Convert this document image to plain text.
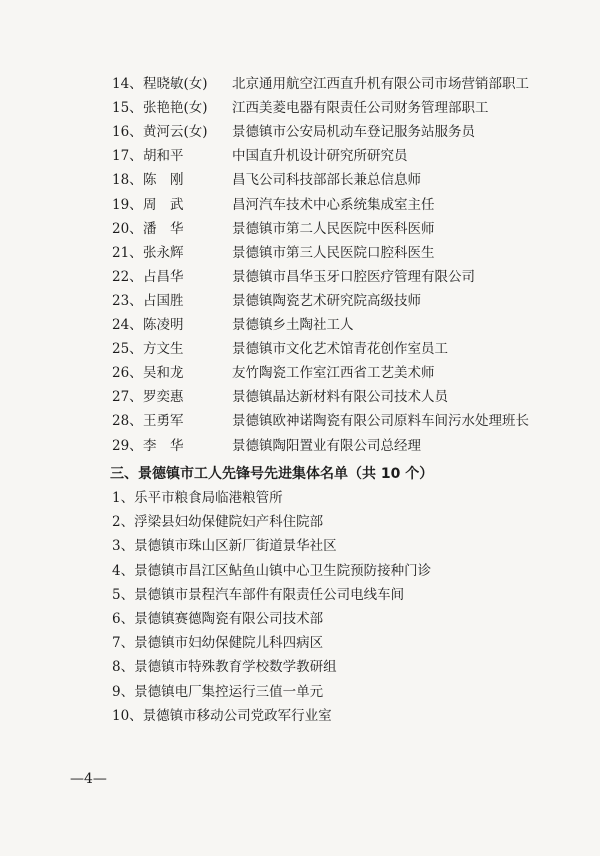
14、 程晓敏(女) 北京通用航空江西直升机有限公司市场营销部职工
15、 张艳艳(女) 江西美菱电器有限责任公司财务管理部职工
16、 黄河云(女) 景德镇市公安局机动车登记服务站服务员
17、 胡和平	中国直升机设计研究所研究员
18、 陈　刚	昌飞公司科技部部长兼总信息师
19、 周　武	昌河汽车技术中心系统集成室主任
20、 潘　华	景德镇市第二人民医院中医科医师
21、 张永辉	景德镇市第三人民医院口腔科医生
22、 占昌华	景德镇市昌华玉牙口腔医疗管理有限公司
23、 占国胜	景德镇陶瓷艺术研究院高级技师
24、 陈凌明	景德镇乡土陶社工人
25、 方文生	景德镇市文化艺术馆青花创作室员工
26、 吴和龙	友竹陶瓷工作室江西省工艺美术师
27、 罗奕惠	景德镇晶达新材料有限公司技术人员
28、 王勇军	景德镇欧神诺陶瓷有限公司原料车间污水处理班长
29、 李　华	景德镇陶阳置业有限公司总经理
三、景德镇市工人先锋号先进集体名单（共 10 个）
1、乐平市粮食局临港粮管所
2、浮梁县妇幼保健院妇产科住院部
3、景德镇市珠山区新厂街道景华社区
4、景德镇市昌江区鲇鱼山镇中心卫生院预防接种门诊
5、景德镇市景程汽车部件有限责任公司电线车间
6、景德镇赛德陶瓷有限公司技术部
7、景德镇市妇幼保健院儿科四病区
8、景德镇市特殊教育学校数学教研组
9、景德镇电厂集控运行三值一单元
10、景德镇市移动公司党政军行业室
—4—
